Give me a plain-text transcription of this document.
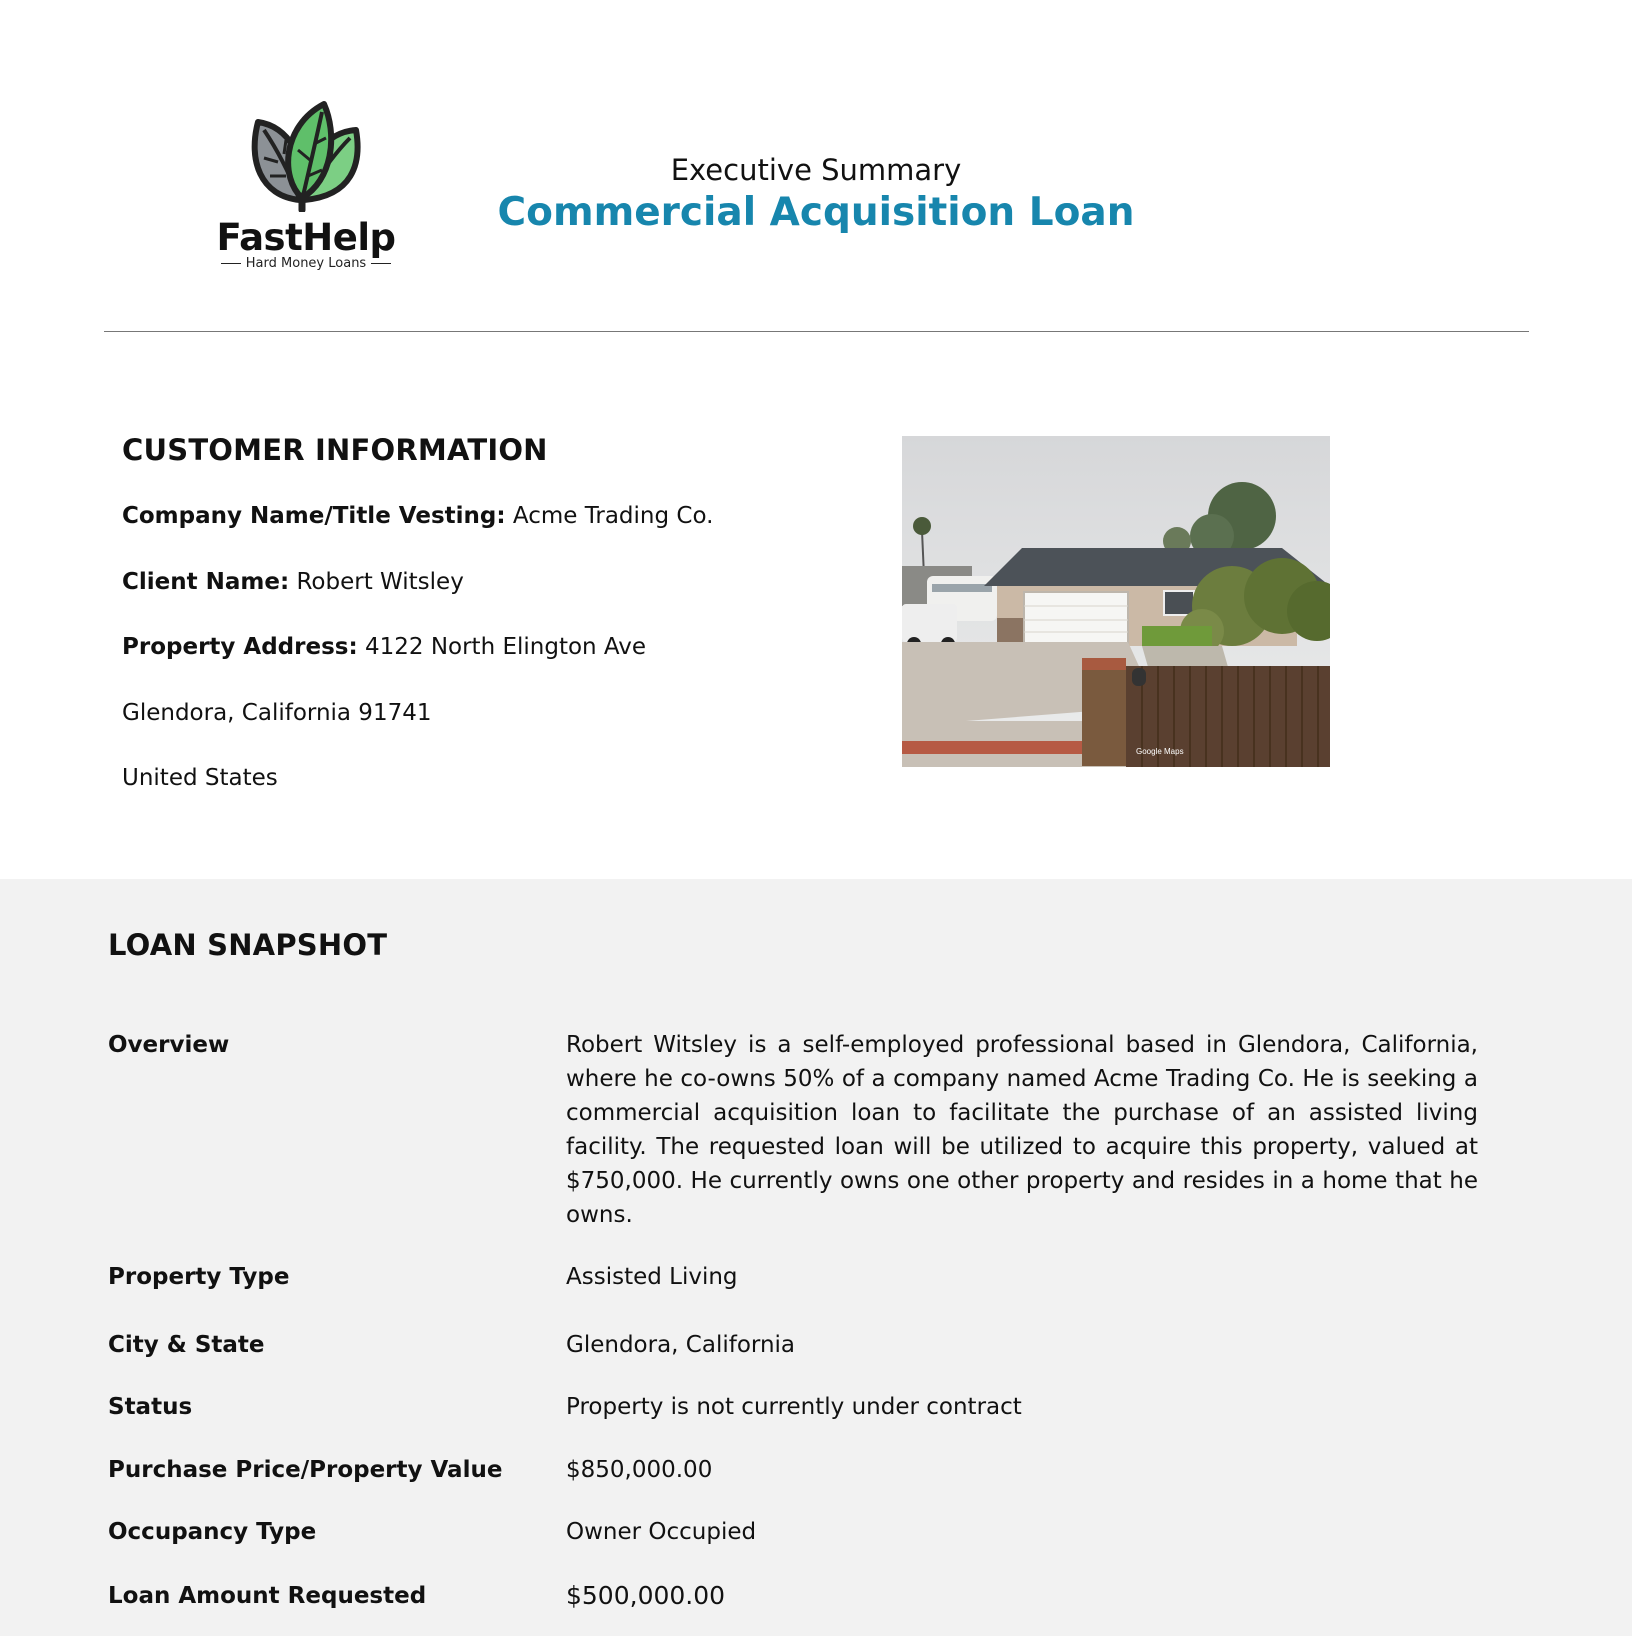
FastHelp
Hard Money Loans
Executive Summary
Commercial Acquisition Loan
CUSTOMER INFORMATION
Company Name/Title Vesting: Acme Trading Co.
Client Name: Robert Witsley
Property Address: 4122 North Elington Ave
Glendora, California 91741
United States
Google Maps
LOAN SNAPSHOT
Overview	Robert Witsley is a self-employed professional based in Glendora, California, where he co-owns 50% of a company named Acme Trading Co. He is seeking a commercial acquisition loan to facilitate the purchase of an assisted living facility. The requested loan will be utilized to acquire this property, valued at $750,000. He currently owns one other property and resides in a home that he owns.
Property Type	Assisted Living
City & State	Glendora, California
Status	Property is not currently under contract
Purchase Price/Property Value	$850,000.00
Occupancy Type	Owner Occupied
Loan Amount Requested	$500,000.00
